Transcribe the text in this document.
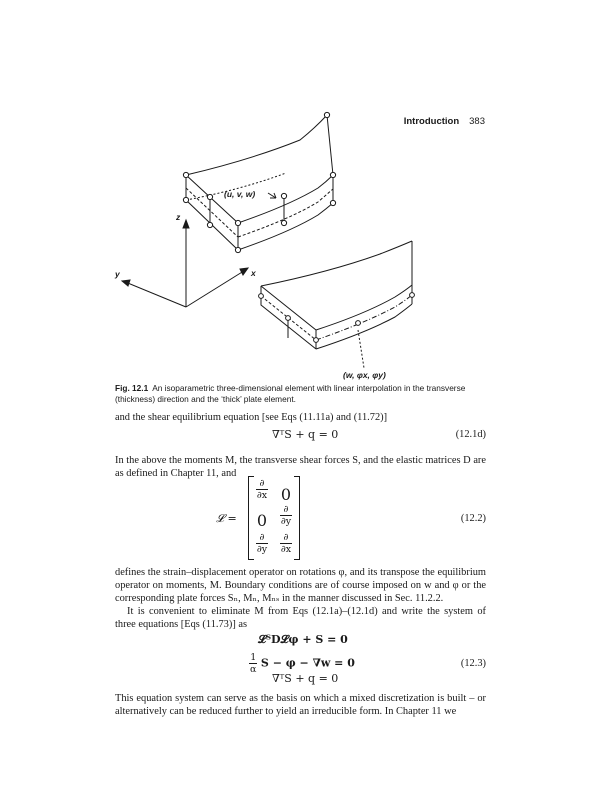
Introduction 383
(u, v, w)
z
y	x
(w, φx, φy)
Fig. 12.1 An isoparametric three-dimensional element with linear interpolation in the transverse (thickness) direction and the ‘thick’ plate element.
and the shear equilibrium equation [see Eqs (11.11a) and (11.72)]
∇ᵀS + q = 0	(12.1d)
In the above the moments M, the transverse shear forces S, and the elastic matrices D are as defined in Chapter 11, and
𝓛 =
$\frac{\partial}{\partial x} 0$
0	$\frac{\partial}{\partial y}$
$\frac{\partial}{\partial y} \frac{\partial}{\partial x}$
(12.2)
defines the strain–displacement operator on rotations φ, and its transpose the equilibrium operator on moments, M. Boundary conditions are of course imposed on w and φ or the corresponding plate forces Sₙ, Mₙ, Mₙₛ in the manner discussed in Sec. 11.2.2.
It is convenient to eliminate M from Eqs (12.1a)–(12.1d) and write the system of three equations [Eqs (11.73)] as
𝓛ᵀD𝓛φ + S = 0
$\frac{1}{\alpha}$ S − φ − ∇w = 0
∇ᵀS + q = 0
(12.3)
This equation system can serve as the basis on which a mixed discretization is built – or alternatively can be reduced further to yield an irreducible form. In Chapter 11 we
